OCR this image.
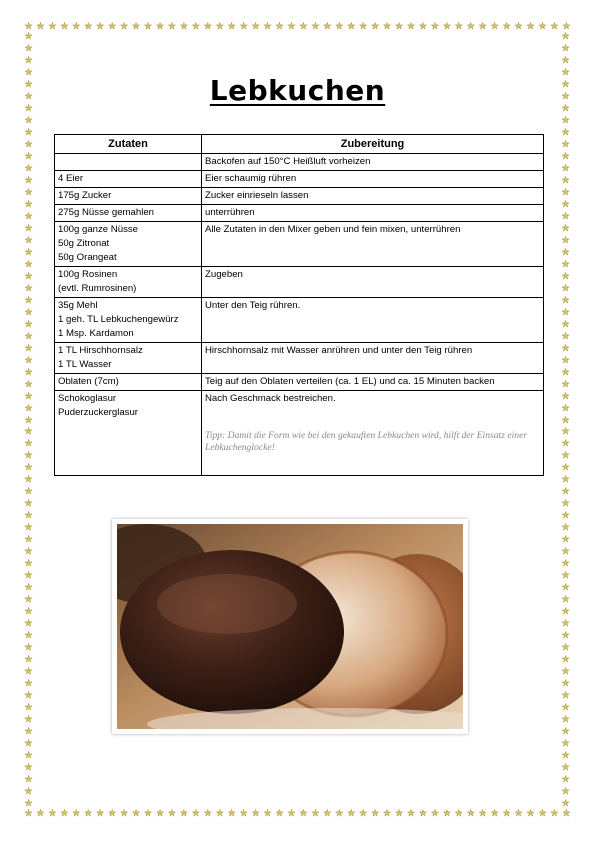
★ ★ ★ ★ ★ ★ ★ ★ ★ ★ ★ ★ ★ ★ ★ ★ ★ ★ ★ ★ ★ ★ ★ ★ ★ ★ ★ ★ ★ ★ ★ ★ ★ ★ ★ ★ ★ ★ ★ ★ ★ ★ ★ ★ ★ ★
★ ★ ★ ★ ★ ★ ★ ★ ★ ★ ★ ★ ★ ★ ★ ★ ★ ★ ★ ★ ★ ★ ★ ★ ★ ★ ★ ★ ★ ★ ★ ★ ★ ★ ★ ★ ★ ★ ★ ★ ★ ★ ★ ★ ★ ★
★
★
★
★
★
★
★
★
★
★
★
★
★
★
★
★
★
★
★
★
★
★
★
★
★
★
★
★
★
★
★
★
★
★
★
★
★
★
★
★
★
★
★
★
★
★
★
★
★
★
★
★
★
★
★
★
★
★
★
★
★
★
★
★
★
★
★
★
★
★
★
★
★
★
★
★
★
★
★
★
★
★
★
★
★
★
★
★
★
★
★
★
★
★
★
★
★
★
★
★
★
★
★
★
★
★
★
★
★
★
★
★
★
★
★
★
★
★
★
★
★
★
★
★
★
★
★
★
★
★
Lebkuchen
Zutaten	Zubereitung

	Backofen auf 150°C Heißluft vorheizen

4 Eier	Eier schaumig rühren

175g Zucker	Zucker einrieseln lassen

275g Nüsse gemahlen	unterrühren

100g ganze Nüsse
50g Zitronat
50g Orangeat	Alle Zutaten in den Mixer geben und fein mixen, unterrühren

100g Rosinen
(evtl. Rumrosinen)	Zugeben

35g Mehl
1 geh. TL Lebkuchengewürz
1 Msp. Kardamon	Unter den Teig rühren.

1 TL Hirschhornsalz
1 TL Wasser	Hirschhornsalz mit Wasser anrühren und unter den Teig rühren

Oblaten (7cm)	Teig auf den Oblaten verteilen (ca. 1 EL) und ca. 15 Minuten backen

Schokoglasur
Puderzuckerglasur	Nach Geschmack bestreichen.
Tipp: Damit die Form wie bei den gekauften Lebkuchen wird, hilft der Einsatz einer Lebkuchenglocke!
